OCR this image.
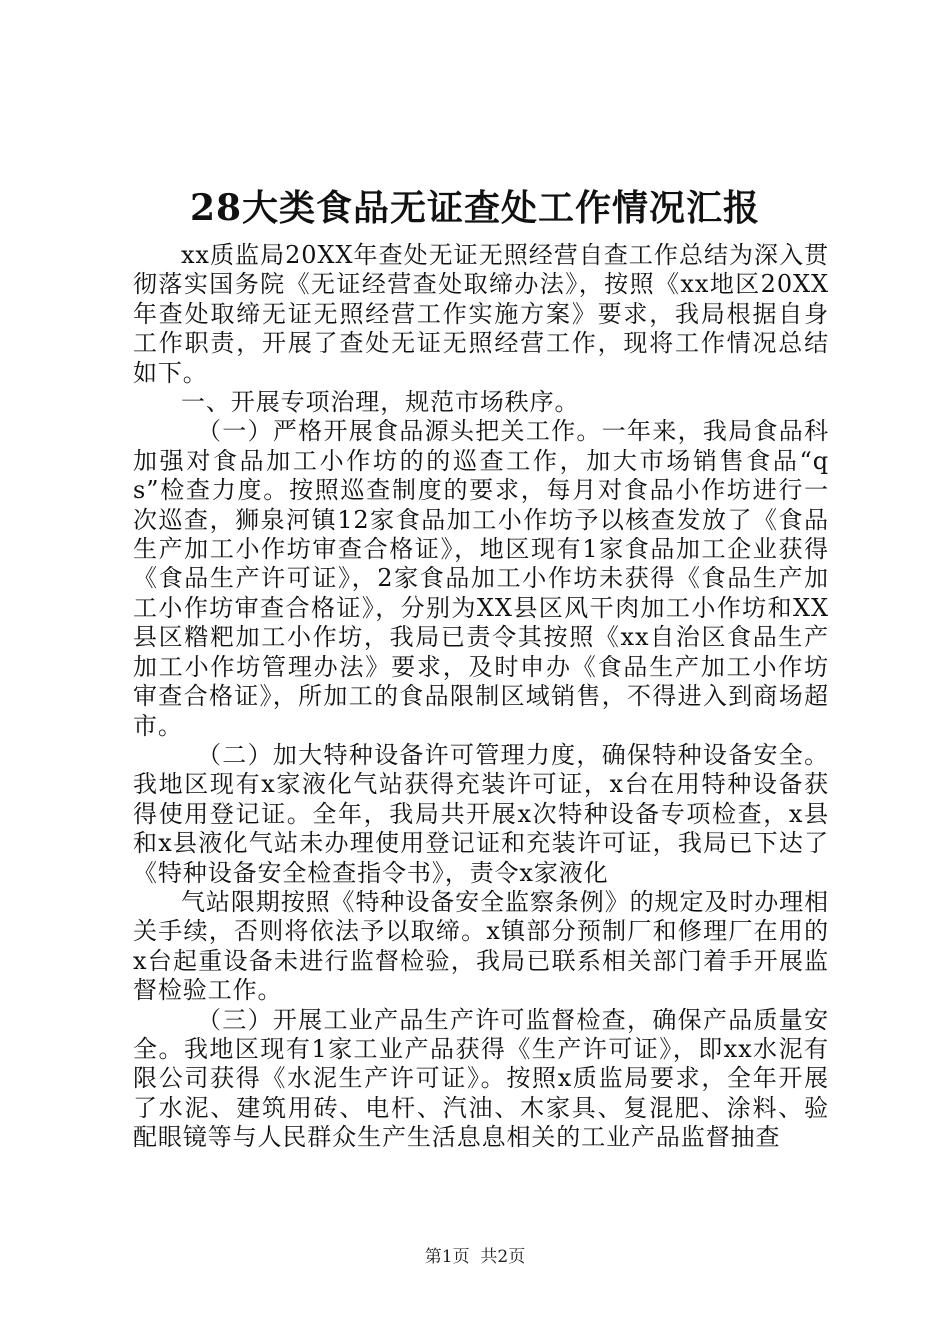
28大类食品无证查处工作情况汇报

xx质监局20XX年查处无证无照经营自查工作总结为深入贯彻落实国务院《无证经营查处取缔办法》，按照《xx地区20XX年查处取缔无证无照经营工作实施方案》要求，我局根据自身工作职责，开展了查处无证无照经营工作，现将工作情况总结如下。

一、开展专项治理，规范市场秩序。

（一）严格开展食品源头把关工作。一年来，我局食品科加强对食品加工小作坊的的巡查工作，加大市场销售食品“qs”检查力度。按照巡查制度的要求，每月对食品小作坊进行一次巡查，狮泉河镇12家食品加工小作坊予以核查发放了《食品生产加工小作坊审查合格证》，地区现有1家食品加工企业获得《食品生产许可证》，2家食品加工小作坊未获得《食品生产加工小作坊审查合格证》，分别为XX县区风干肉加工小作坊和XX县区糌粑加工小作坊，我局已责令其按照《xx自治区食品生产加工小作坊管理办法》要求，及时申办《食品生产加工小作坊审查合格证》，所加工的食品限制区域销售，不得进入到商场超市。

（二）加大特种设备许可管理力度，确保特种设备安全。我地区现有x家液化气站获得充装许可证，x台在用特种设备获得使用登记证。全年，我局共开展x次特种设备专项检查，x县和x县液化气站未办理使用登记证和充装许可证，我局已下达了《特种设备安全检查指令书》，责令x家液化

气站限期按照《特种设备安全监察条例》的规定及时办理相关手续，否则将依法予以取缔。x镇部分预制厂和修理厂在用的x台起重设备未进行监督检验，我局已联系相关部门着手开展监督检验工作。

（三）开展工业产品生产许可监督检查，确保产品质量安全。我地区现有1家工业产品获得《生产许可证》，即xx水泥有限公司获得《水泥生产许可证》。按照x质监局要求，全年开展了水泥、建筑用砖、电杆、汽油、木家具、复混肥、涂料、验配眼镜等与人民群众生产生活息息相关的工业产品监督抽查

第1页 共2页
